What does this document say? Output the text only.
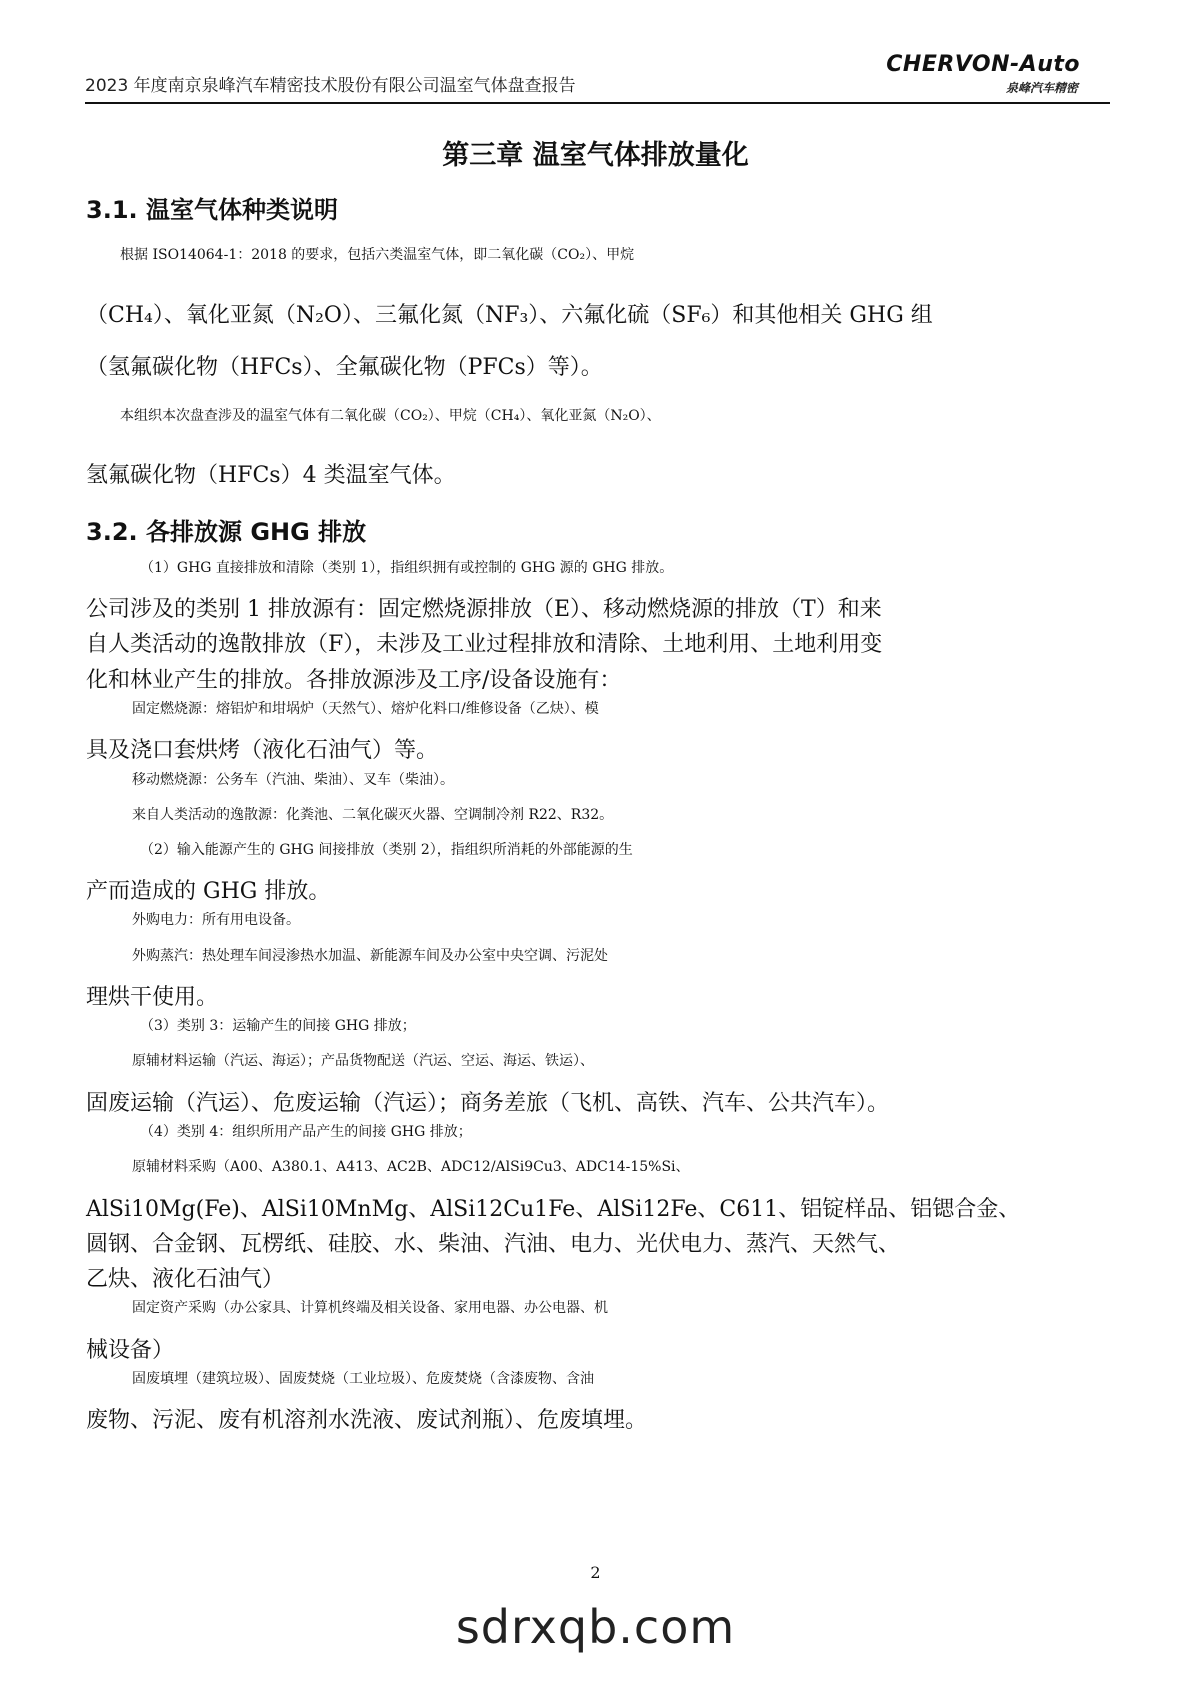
2023 年度南京泉峰汽车精密技术股份有限公司温室气体盘查报告
CHERVON-Auto
泉峰汽车精密
第三章 温室气体排放量化
3.1. 温室气体种类说明
根据 ISO14064-1：2018 的要求，包括六类温室气体，即二氧化碳（CO₂）、甲烷
（CH₄）、氧化亚氮（N₂O）、三氟化氮（NF₃）、六氟化硫（SF₆）和其他相关 GHG 组
（氢氟碳化物（HFCs）、全氟碳化物（PFCs）等）。
本组织本次盘查涉及的温室气体有二氧化碳（CO₂）、甲烷（CH₄）、氧化亚氮（N₂O）、
氢氟碳化物（HFCs）4 类温室气体。
3.2. 各排放源 GHG 排放
（1）GHG 直接排放和清除（类别 1），指组织拥有或控制的 GHG 源的 GHG 排放。
公司涉及的类别 1 排放源有：固定燃烧源排放（E）、移动燃烧源的排放（T）和来
自人类活动的逸散排放（F），未涉及工业过程排放和清除、土地利用、土地利用变
化和林业产生的排放。各排放源涉及工序/设备设施有：
固定燃烧源：熔铝炉和坩埚炉（天然气）、熔炉化料口/维修设备（乙炔）、模
具及浇口套烘烤（液化石油气）等。
移动燃烧源：公务车（汽油、柴油）、叉车（柴油）。
来自人类活动的逸散源：化粪池、二氧化碳灭火器、空调制冷剂 R22、R32。
（2）输入能源产生的 GHG 间接排放（类别 2），指组织所消耗的外部能源的生
产而造成的 GHG 排放。
外购电力：所有用电设备。
外购蒸汽：热处理车间浸渗热水加温、新能源车间及办公室中央空调、污泥处
理烘干使用。
（3）类别 3：运输产生的间接 GHG 排放；
原辅材料运输（汽运、海运）；产品货物配送（汽运、空运、海运、铁运）、
固废运输（汽运）、危废运输（汽运）；商务差旅（飞机、高铁、汽车、公共汽车）。
（4）类别 4：组织所用产品产生的间接 GHG 排放；
原辅材料采购（A00、A380.1、A413、AC2B、ADC12/AlSi9Cu3、ADC14-15%Si、
AlSi10Mg(Fe)、AlSi10MnMg、AlSi12Cu1Fe、AlSi12Fe、C611、铝锭样品、铝锶合金、
圆钢、合金钢、瓦楞纸、硅胶、水、柴油、汽油、电力、光伏电力、蒸汽、天然气、
乙炔、液化石油气）
固定资产采购（办公家具、计算机终端及相关设备、家用电器、办公电器、机
械设备）
固废填埋（建筑垃圾）、固废焚烧（工业垃圾）、危废焚烧（含漆废物、含油
废物、污泥、废有机溶剂水洗液、废试剂瓶）、危废填埋。
2
sdrxqb.com
